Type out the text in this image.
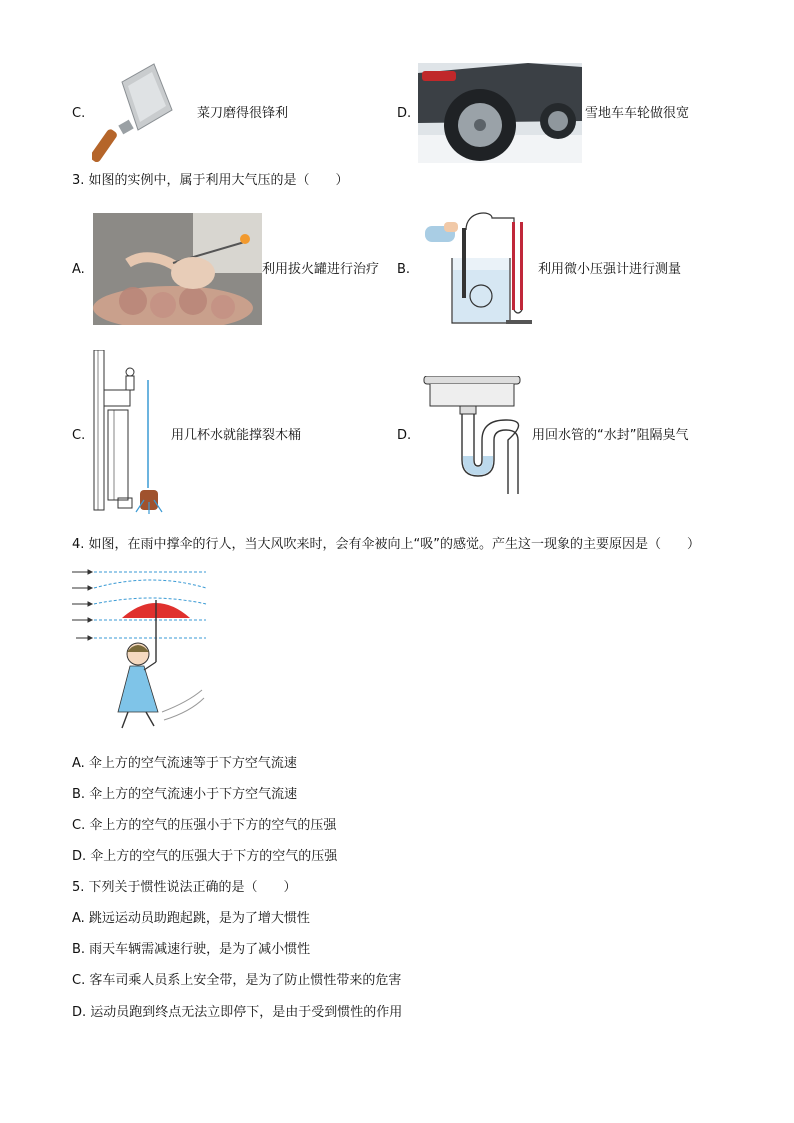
C.	菜刀磨得很锋利	D.	雪地车车轮做很宽
3. 如图的实例中，属于利用大气压的是（　　）
A.	利用拔火罐进行治疗 B.	利用微小压强计进行测量
C.	用几杯水就能撑裂木桶	D.	用回水管的“水封”阻隔臭气
4. 如图，在雨中撑伞的行人，当大风吹来时，会有伞被向上“吸”的感觉。产生这一现象的主要原因是（　　）
A. 伞上方的空气流速等于下方空气流速
B. 伞上方的空气流速小于下方空气流速
C. 伞上方的空气的压强小于下方的空气的压强
D. 伞上方的空气的压强大于下方的空气的压强
5. 下列关于惯性说法正确的是（　　）
A. 跳远运动员助跑起跳，是为了增大惯性
B. 雨天车辆需减速行驶，是为了减小惯性
C. 客车司乘人员系上安全带，是为了防止惯性带来的危害
D. 运动员跑到终点无法立即停下，是由于受到惯性的作用
